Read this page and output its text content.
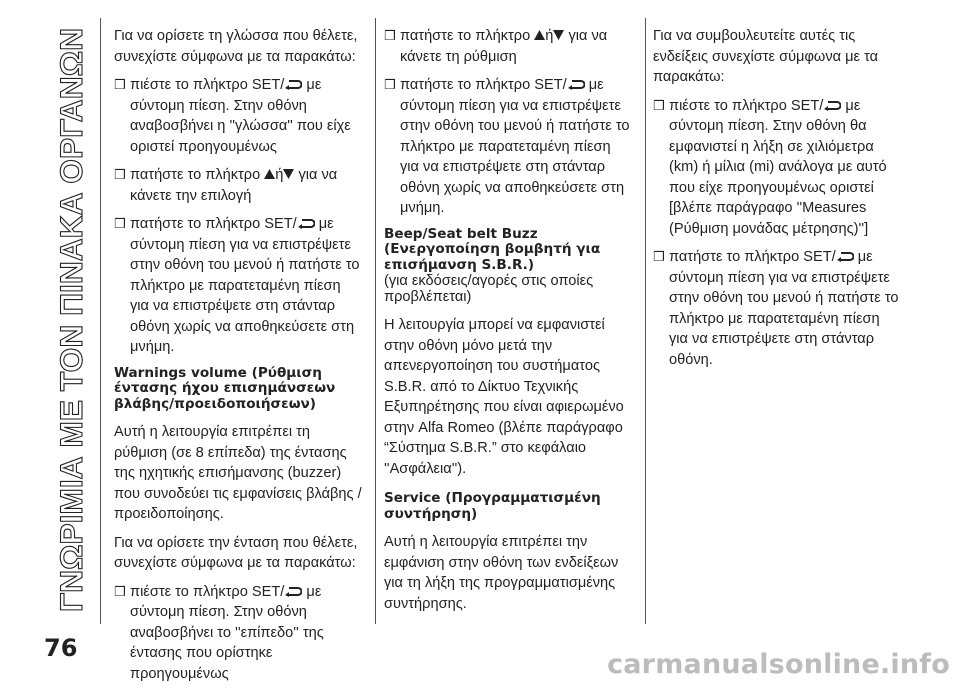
ΓΝΩΡΙΜΙΑ ΜΕ ΤΟΝ ΠΙΝΑΚΑ ΟΡΓΑΝΩΝ Για να ορίσετε τη γλώσσα που θέλετε, συνεχίστε σύμφωνα με τα παρακάτω:

❒ πιέστε το πλήκτρο SET/ με σύντομη πίεση. Στην οθόνη αναβοσβήνει η ''γλώσσα'' που είχε οριστεί προηγουμένως
❒ πατήστε το πλήκτρο ή για να κάνετε την επιλογή
❒ πατήστε το πλήκτρο SET/ με σύντομη πίεση για να επιστρέψετε στην οθόνη του μενού ή πατήστε το πλήκτρο με παρατεταμένη πίεση για να επιστρέψετε στη στάνταρ οθόνη χωρίς να αποθηκεύσετε στη μνήμη.

Warnings volume (Ρύθμιση έντασης ήχου επισημάνσεων βλάβης/προειδοποιήσεων)

Αυτή η λειτουργία επιτρέπει τη ρύθμιση (σε 8 επίπεδα) της έντασης της ηχητικής επισήμανσης (buzzer) που συνοδεύει τις εμφανίσεις βλάβης / προειδοποίησης.

Για να ορίσετε την ένταση που θέλετε, συνεχίστε σύμφωνα με τα παρακάτω:

❒ πιέστε το πλήκτρο SET/ με σύντομη πίεση. Στην οθόνη αναβοσβήνει το ''επίπεδο'' της έντασης που ορίστηκε προηγουμένως
❒ πατήστε το πλήκτρο ή για να κάνετε τη ρύθμιση
❒ πατήστε το πλήκτρο SET/ με σύντομη πίεση για να επιστρέψετε στην οθόνη του μενού ή πατήστε το πλήκτρο με παρατεταμένη πίεση για να επιστρέψετε στη στάνταρ οθόνη χωρίς να αποθηκεύσετε στη μνήμη.

Beep/Seat belt Buzz (Ενεργοποίηση βομβητή για επισήμανση S.B.R.)

(για εκδόσεις/αγορές στις οποίες προβλέπεται)

Η λειτουργία μπορεί να εμφανιστεί στην οθόνη μόνο μετά την απενεργοποίηση του συστήματος S.B.R. από το Δίκτυο Τεχνικής Εξυπηρέτησης που είναι αφιερωμένο στην Alfa Romeo (βλέπε παράγραφο “Σύστημα S.B.R.” στο κεφάλαιο ''Ασφάλεια'').

Service (Προγραμματισμένη συντήρηση)

Αυτή η λειτουργία επιτρέπει την εμφάνιση στην οθόνη των ενδείξεων για τη λήξη της προγραμματισμένης συντήρησης.

Για να συμβουλευτείτε αυτές τις ενδείξεις συνεχίστε σύμφωνα με τα παρακάτω:

❒ πιέστε το πλήκτρο SET/ με σύντομη πίεση. Στην οθόνη θα εμφανιστεί η λήξη σε χιλιόμετρα (km) ή μίλια (mi) ανάλογα με αυτό που είχε προηγουμένως οριστεί [βλέπε παράγραφο ''Measures (Ρύθμιση μονάδας μέτρησης)'']
❒ πατήστε το πλήκτρο SET/ με σύντομη πίεση για να επιστρέψετε στην οθόνη του μενού ή πατήστε το πλήκτρο με παρατεταμένη πίεση για να επιστρέψετε στη στάνταρ οθόνη.
76
carmanualsonline.info
